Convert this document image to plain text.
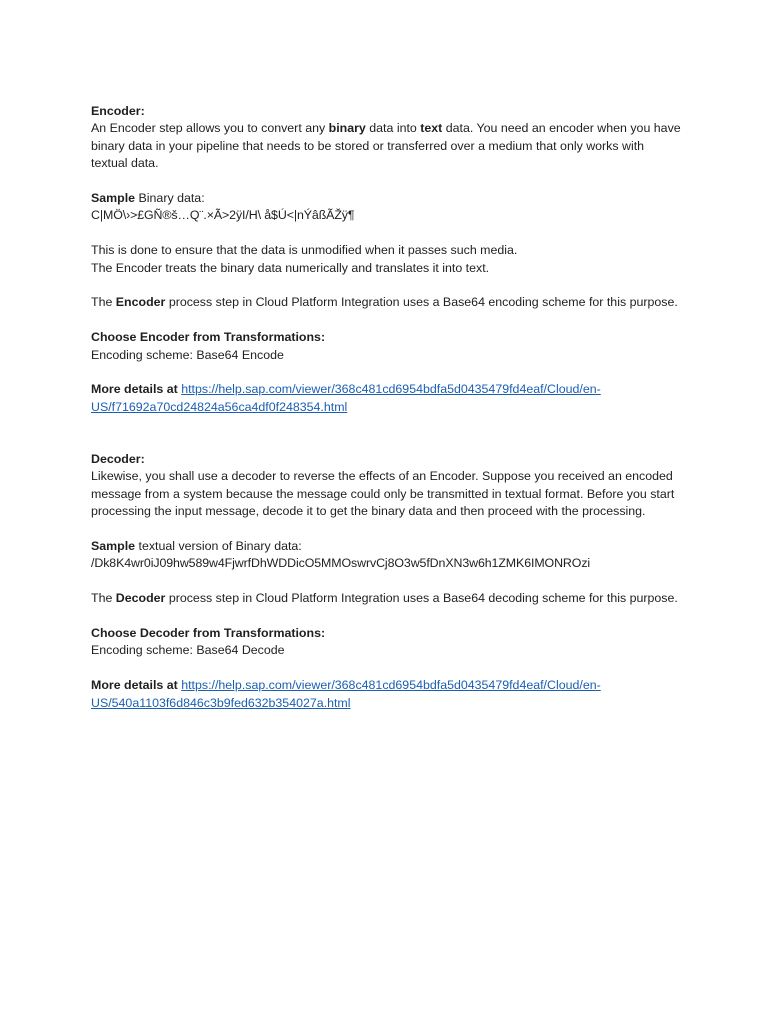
Encoder:

An Encoder step allows you to convert any binary data into text data. You need an encoder when you have binary data in your pipeline that needs to be stored or transferred over a medium that only works with textual data.

Sample Binary data:

C|MÖ\›>£GÑ®š…Q¨.×Ã>2ÿI/H\ å$Ú<|nÝâßÃŽÿ¶

This is done to ensure that the data is unmodified when it passes such media.

The Encoder treats the binary data numerically and translates it into text.

The Encoder process step in Cloud Platform Integration uses a Base64 encoding scheme for this purpose.

Choose Encoder from Transformations:

Encoding scheme: Base64 Encode

More details at https://help.sap.com/viewer/368c481cd6954bdfa5d0435479fd4eaf/Cloud/en-US/f71692a70cd24824a56ca4df0f248354.html

Decoder:

Likewise, you shall use a decoder to reverse the effects of an Encoder. Suppose you received an encoded message from a system because the message could only be transmitted in textual format. Before you start processing the input message, decode it to get the binary data and then proceed with the processing.

Sample textual version of Binary data:

/Dk8K4wr0iJ09hw589w4FjwrfDhWDDicO5MMOswrvCj8O3w5fDnXN3w6h1ZMK6IMONROzi

The Decoder process step in Cloud Platform Integration uses a Base64 decoding scheme for this purpose.

Choose Decoder from Transformations:

Encoding scheme: Base64 Decode

More details at https://help.sap.com/viewer/368c481cd6954bdfa5d0435479fd4eaf/Cloud/en-US/540a1103f6d846c3b9fed632b354027a.html
